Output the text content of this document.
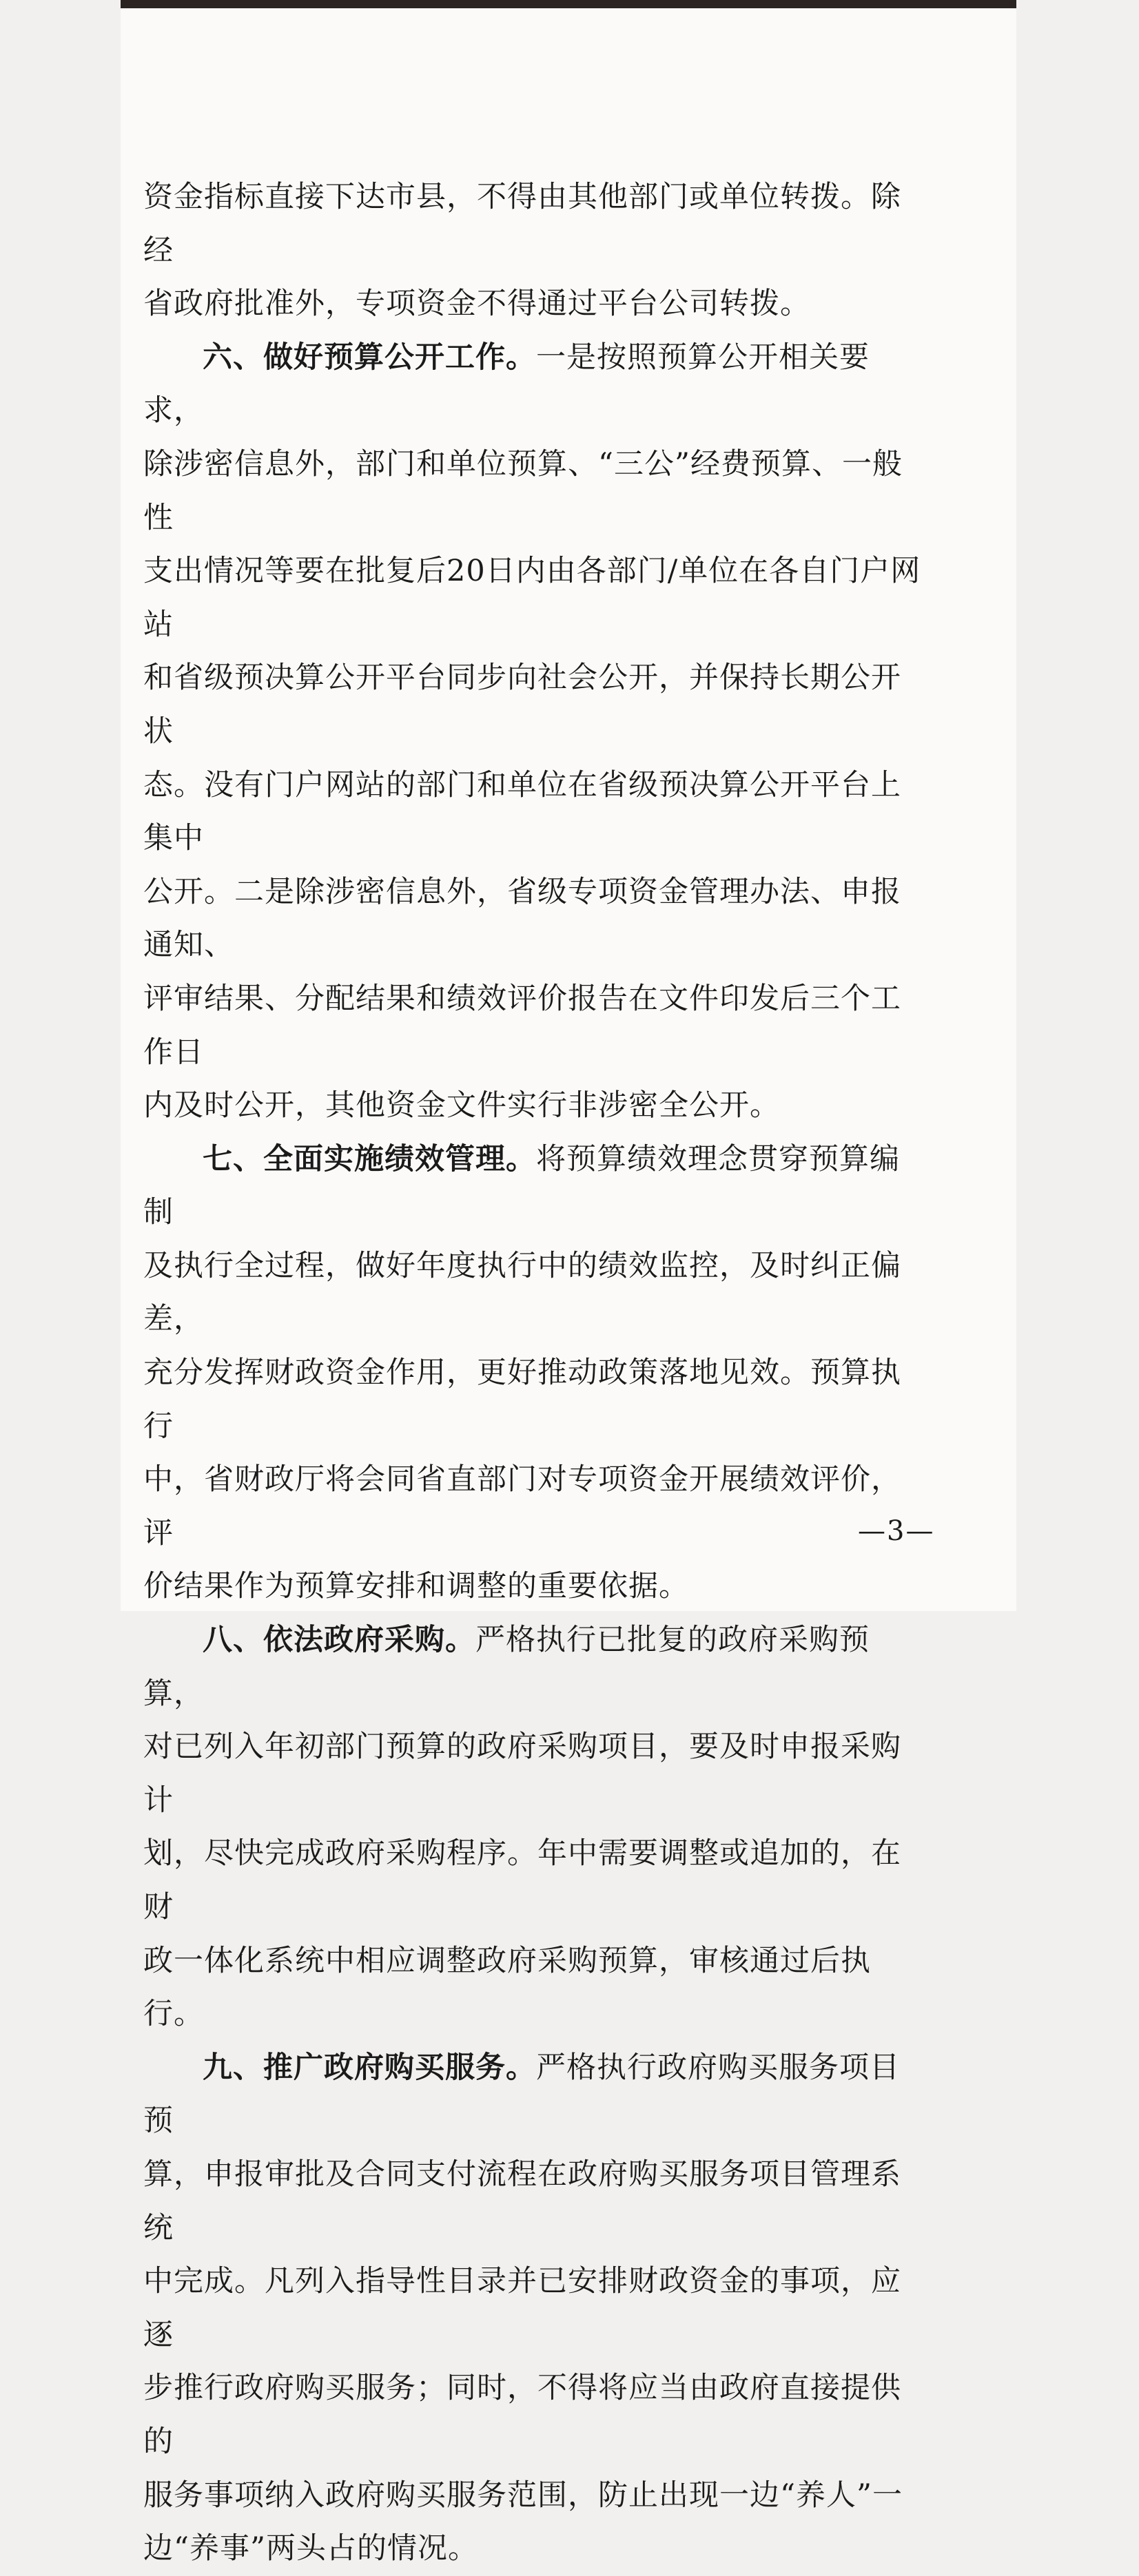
资金指标直接下达市县，不得由其他部门或单位转拨。除经
省政府批准外，专项资金不得通过平台公司转拨。

六、做好预算公开工作。一是按照预算公开相关要求，
除涉密信息外，部门和单位预算、“三公”经费预算、一般性
支出情况等要在批复后20日内由各部门/单位在各自门户网站
和省级预决算公开平台同步向社会公开，并保持长期公开状
态。没有门户网站的部门和单位在省级预决算公开平台上集中
公开。二是除涉密信息外，省级专项资金管理办法、申报通知、
评审结果、分配结果和绩效评价报告在文件印发后三个工作日
内及时公开，其他资金文件实行非涉密全公开。

七、全面实施绩效管理。将预算绩效理念贯穿预算编制
及执行全过程，做好年度执行中的绩效监控，及时纠正偏差，
充分发挥财政资金作用，更好推动政策落地见效。预算执行
中，省财政厅将会同省直部门对专项资金开展绩效评价，评
价结果作为预算安排和调整的重要依据。

八、依法政府采购。严格执行已批复的政府采购预算，
对已列入年初部门预算的政府采购项目，要及时申报采购计
划，尽快完成政府采购程序。年中需要调整或追加的，在财
政一体化系统中相应调整政府采购预算，审核通过后执行。

九、推广政府购买服务。严格执行政府购买服务项目预
算，申报审批及合同支付流程在政府购买服务项目管理系统
中完成。凡列入指导性目录并已安排财政资金的事项，应逐
步推行政府购买服务；同时，不得将应当由政府直接提供的
服务事项纳入政府购买服务范围，防止出现一边“养人”一
边“养事”两头占的情况。

—3—
